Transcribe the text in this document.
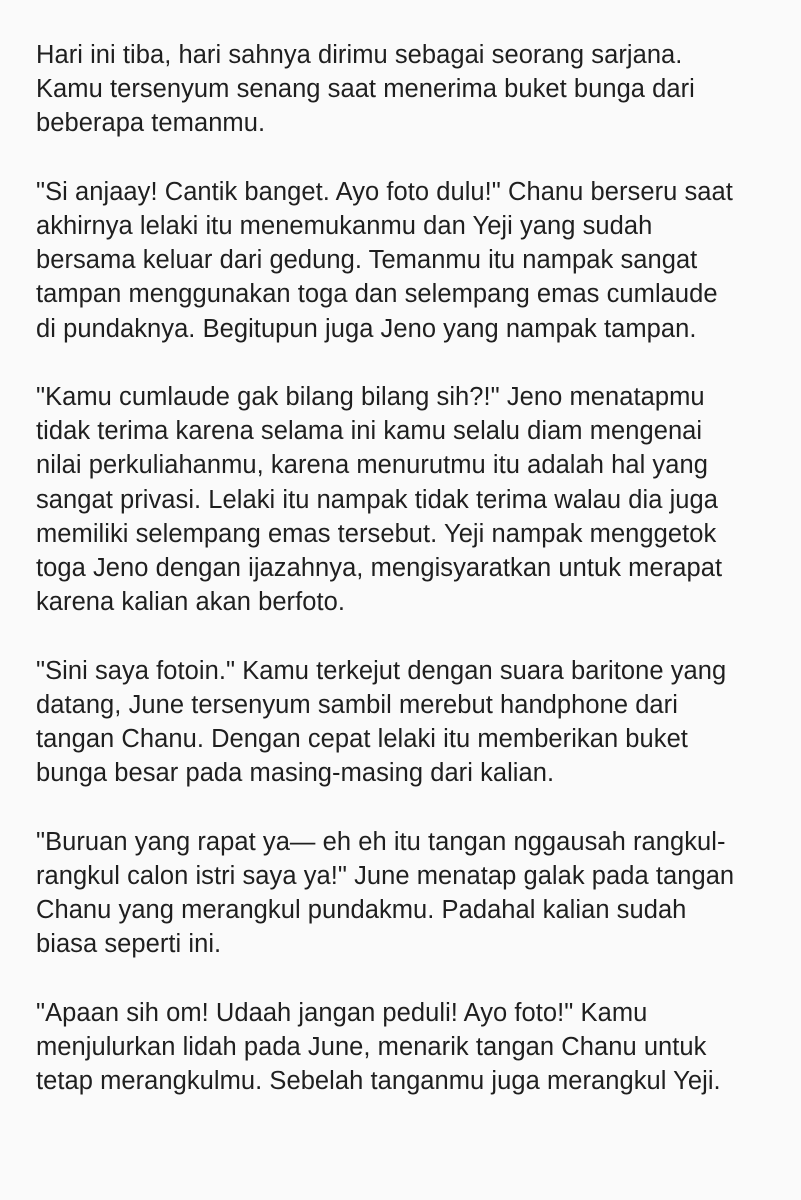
Hari ini tiba, hari sahnya dirimu sebagai seorang sarjana.
Kamu tersenyum senang saat menerima buket bunga dari
beberapa temanmu.
"Si anjaay! Cantik banget. Ayo foto dulu!" Chanu berseru saat
akhirnya lelaki itu menemukanmu dan Yeji yang sudah
bersama keluar dari gedung. Temanmu itu nampak sangat
tampan menggunakan toga dan selempang emas cumlaude
di pundaknya. Begitupun juga Jeno yang nampak tampan.
"Kamu cumlaude gak bilang bilang sih?!" Jeno menatapmu
tidak terima karena selama ini kamu selalu diam mengenai
nilai perkuliahanmu, karena menurutmu itu adalah hal yang
sangat privasi. Lelaki itu nampak tidak terima walau dia juga
memiliki selempang emas tersebut. Yeji nampak menggetok
toga Jeno dengan ijazahnya, mengisyaratkan untuk merapat
karena kalian akan berfoto.
"Sini saya fotoin." Kamu terkejut dengan suara baritone yang
datang, June tersenyum sambil merebut handphone dari
tangan Chanu. Dengan cepat lelaki itu memberikan buket
bunga besar pada masing-masing dari kalian.
"Buruan yang rapat ya— eh eh itu tangan nggausah rangkul-
rangkul calon istri saya ya!" June menatap galak pada tangan
Chanu yang merangkul pundakmu. Padahal kalian sudah
biasa seperti ini.
"Apaan sih om! Udaah jangan peduli! Ayo foto!" Kamu
menjulurkan lidah pada June, menarik tangan Chanu untuk
tetap merangkulmu. Sebelah tanganmu juga merangkul Yeji.
